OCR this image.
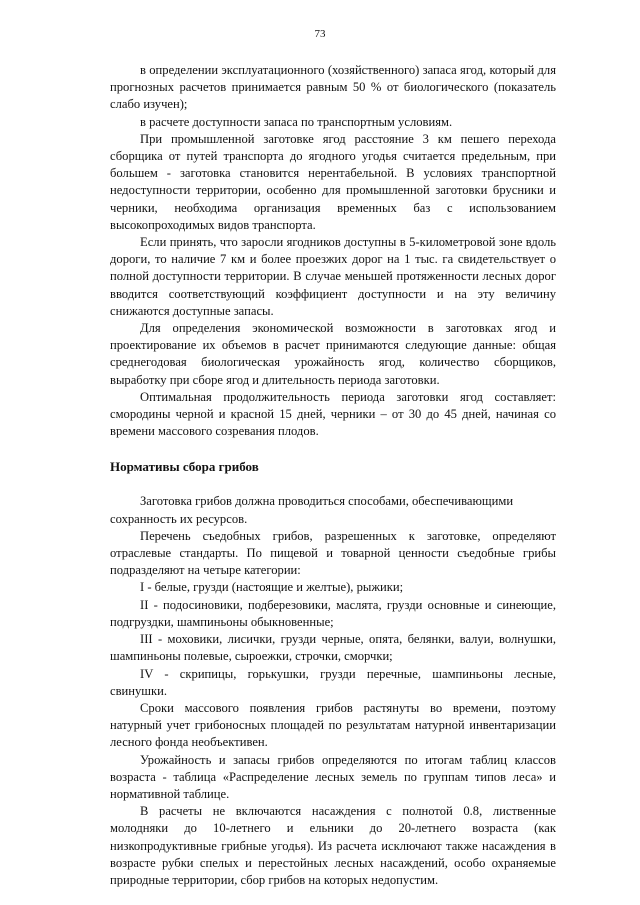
73

в определении эксплуатационного (хозяйственного) запаса ягод, который для прогнозных расчетов принимается равным 50 % от биологического (показатель слабо изучен);

в расчете доступности запаса по транспортным условиям.

При промышленной заготовке ягод расстояние 3 км пешего перехода сборщика от путей транспорта до ягодного угодья считается предельным, при большем - заготовка становится нерентабельной. В условиях транспортной недоступности территории, особенно для промышленной заготовки брусники и черники, необходима организация временных баз с использованием высокопроходимых видов транспорта.

Если принять, что заросли ягодников доступны в 5-километровой зоне вдоль дороги, то наличие 7 км и более проезжих дорог на 1 тыс. га свидетельствует о полной доступности территории. В случае меньшей протяженности лесных дорог вводится соответствующий коэффициент доступности и на эту величину снижаются доступные запасы.

Для определения экономической возможности в заготовках ягод и проектирование их объемов в расчет принимаются следующие данные: общая среднегодовая биологическая урожайность ягод, количество сборщиков, выработку при сборе ягод и длительность периода заготовки.

Оптимальная продолжительность периода заготовки ягод составляет: смородины черной и красной 15 дней, черники – от 30 до 45 дней, начиная со времени массового созревания плодов.

Нормативы сбора грибов

Заготовка грибов должна проводиться способами, обеспечивающими сохранность их ресурсов.

Перечень съедобных грибов, разрешенных к заготовке, определяют отраслевые стандарты. По пищевой и товарной ценности съедобные грибы подразделяют на четыре категории:

I - белые, грузди (настоящие и желтые), рыжики;

II - подосиновики, подберезовики, маслята, грузди основные и синеющие, подгруздки, шампиньоны обыкновенные;

III - моховики, лисички, грузди черные, опята, белянки, валуи, волнушки, шампиньоны полевые, сыроежки, строчки, сморчки;

IV - скрипицы, горькушки, грузди перечные, шампиньоны лесные, свинушки.

Сроки массового появления грибов растянуты во времени, поэтому натурный учет грибоносных площадей по результатам натурной инвентаризации лесного фонда необъективен.

Урожайность и запасы грибов определяются по итогам таблиц классов возраста - таблица «Распределение лесных земель по группам типов леса» и нормативной таблице.

В расчеты не включаются насаждения с полнотой 0.8, лиственные молодняки до 10-летнего и ельники до 20-летнего возраста (как низкопродуктивные грибные угодья). Из расчета исключают также насаждения в возрасте рубки спелых и перестойных лесных насаждений, особо охраняемые природные территории, сбор грибов на которых недопустим.
